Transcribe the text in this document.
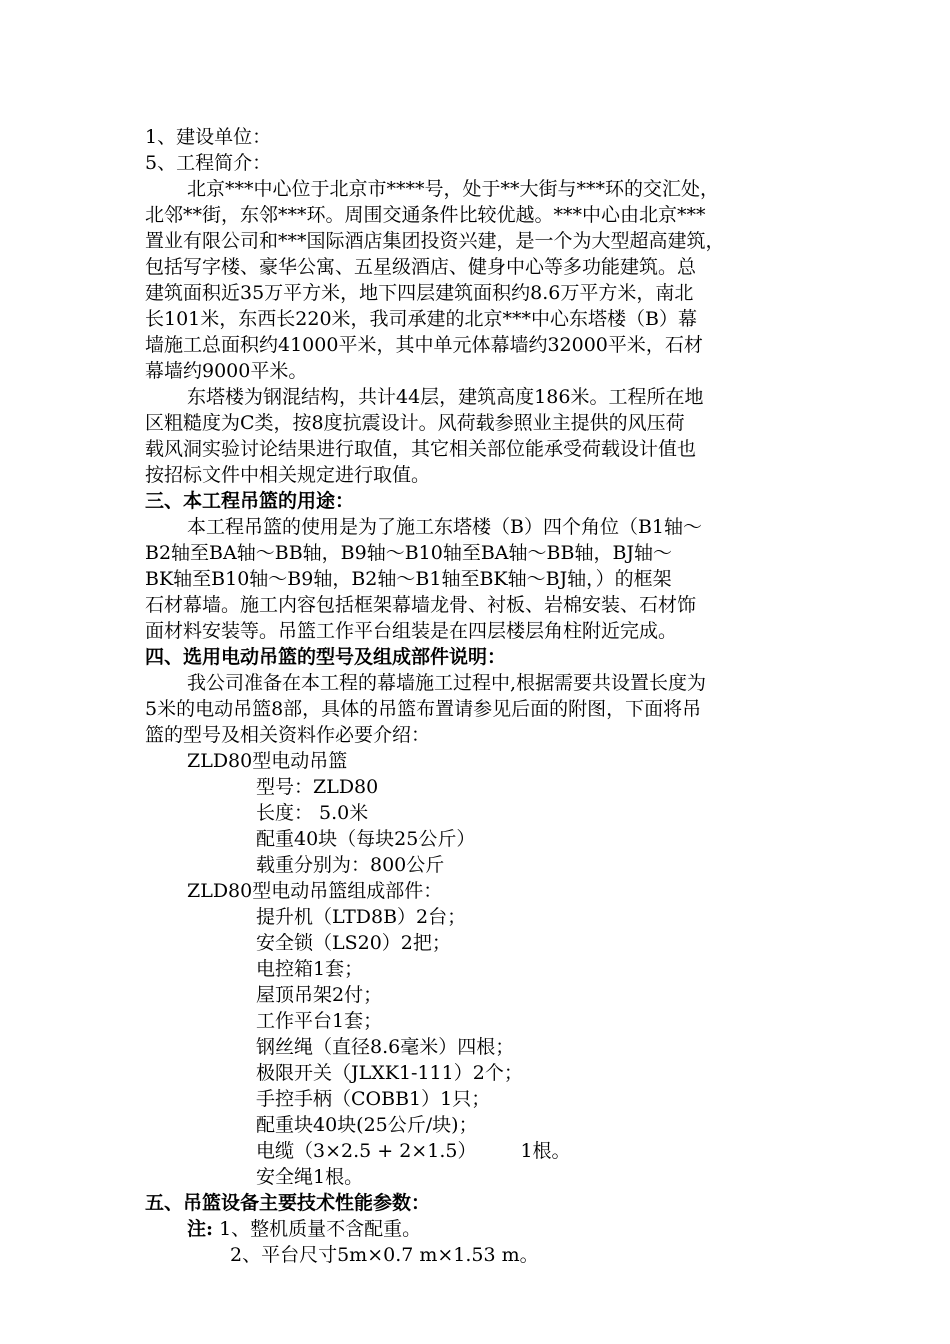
1、建设单位：
5、工程简介：
北京***中心位于北京市****号，处于**大街与***环的交汇处，
北邻**街，东邻***环。周围交通条件比较优越。***中心由北京***
置业有限公司和***国际酒店集团投资兴建，是一个为大型超高建筑，
包括写字楼、豪华公寓、五星级酒店、健身中心等多功能建筑。总
建筑面积近35万平方米，地下四层建筑面积约8.6万平方米，南北
长101米，东西长220米，我司承建的北京***中心东塔楼（B）幕
墙施工总面积约41000平米，其中单元体幕墙约32000平米，石材
幕墙约9000平米。
东塔楼为钢混结构，共计44层，建筑高度186米。工程所在地
区粗糙度为C类，按8度抗震设计。风荷载参照业主提供的风压荷
载风洞实验讨论结果进行取值，其它相关部位能承受荷载设计值也
按招标文件中相关规定进行取值。
三、本工程吊篮的用途：
本工程吊篮的使用是为了施工东塔楼（B）四个角位（B1轴～
B2轴至BA轴～BB轴，B9轴～B10轴至BA轴～BB轴，BJ轴～
BK轴至B10轴～B9轴，B2轴～B1轴至BK轴～BJ轴，）的框架
石材幕墙。施工内容包括框架幕墙龙骨、衬板、岩棉安装、石材饰
面材料安装等。吊篮工作平台组装是在四层楼层角柱附近完成。
四、选用电动吊篮的型号及组成部件说明：
我公司准备在本工程的幕墙施工过程中,根据需要共设置长度为
5米的电动吊篮8部，具体的吊篮布置请参见后面的附图，下面将吊
篮的型号及相关资料作必要介绍：
ZLD80型电动吊篮
型号：ZLD80
长度： 5.0米
配重40块（每块25公斤）
载重分别为：800公斤
ZLD80型电动吊篮组成部件：
提升机（LTD8B）2台；
安全锁（LS20）2把；
电控箱1套；
屋顶吊架2付；
工作平台1套；
钢丝绳（直径8.6毫米）四根；
极限开关（JLXK1-111）2个；
手控手柄（COBB1）1只；
配重块40块(25公斤/块)；
电缆（3×2.5 + 2×1.5） 1根。
安全绳1根。
五、吊篮设备主要技术性能参数：
注: 1、整机质量不含配重。
2、平台尺寸5m×0.7 m×1.53 m。
